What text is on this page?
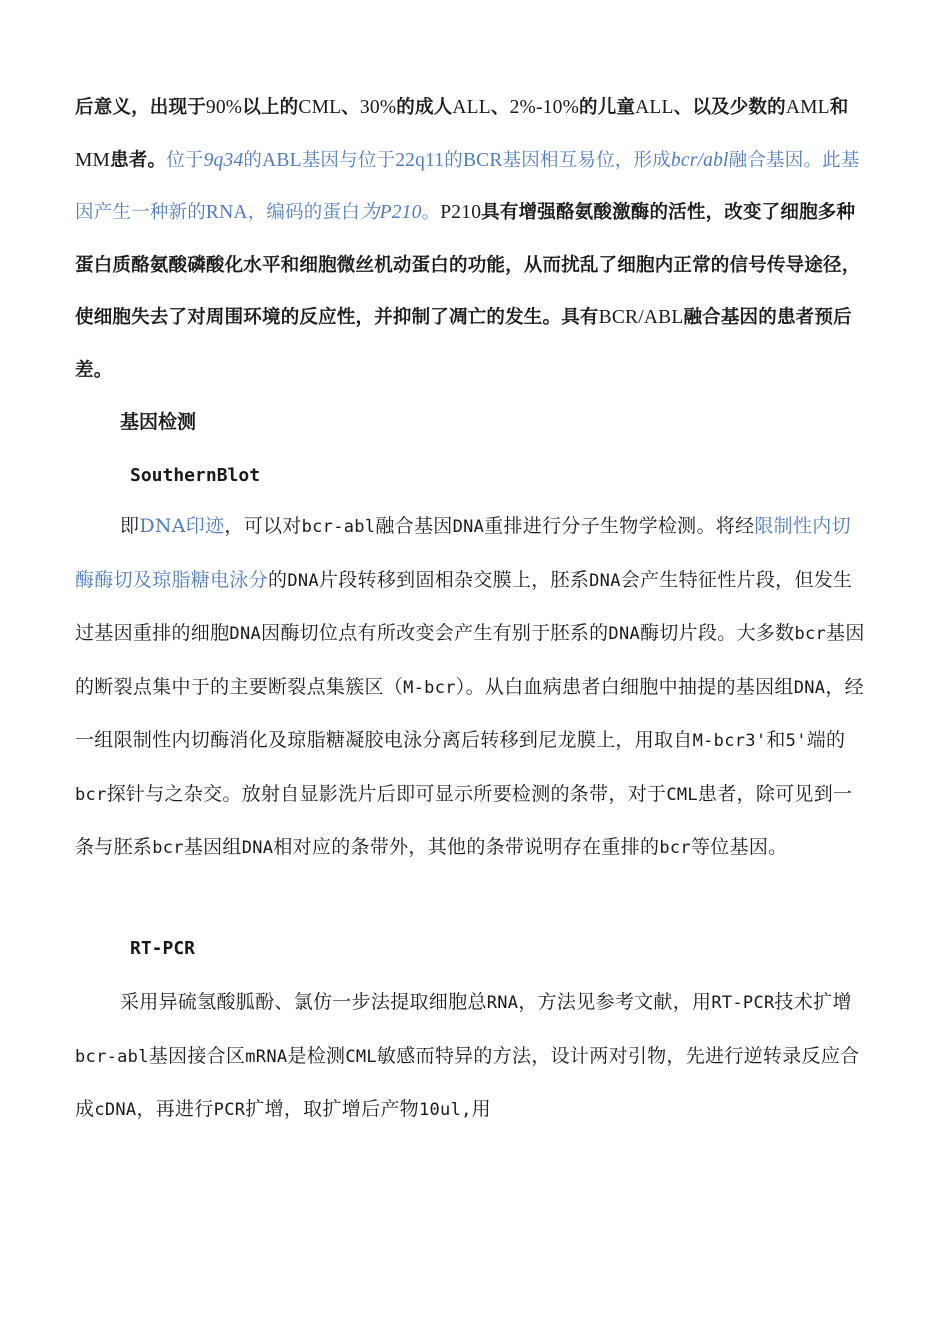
后意义，出现于90%以上的CML、30%的成人ALL、2%-10%的儿童ALL、以及少数的AML和MM患者。位于9q34的ABL基因与位于22q11的BCR基因相互易位，形成bcr/abl融合基因。此基因产生一种新的RNA，编码的蛋白为P210。P210具有增强酪氨酸激酶的活性，改变了细胞多种蛋白质酪氨酸磷酸化水平和细胞微丝机动蛋白的功能，从而扰乱了细胞内正常的信号传导途径，使细胞失去了对周围环境的反应性，并抑制了凋亡的发生。具有BCR/ABL融合基因的患者预后差。

基因检测
SouthernBlot

即DNA印迹，可以对bcr-abl融合基因DNA重排进行分子生物学检测。将经限制性内切酶酶切及琼脂糖电泳分的DNA片段转移到固相杂交膜上，胚系DNA会产生特征性片段，但发生过基因重排的细胞DNA因酶切位点有所改变会产生有别于胚系的DNA酶切片段。大多数bcr基因的断裂点集中于的主要断裂点集簇区（M-bcr）。从白血病患者白细胞中抽提的基因组DNA，经一组限制性内切酶消化及琼脂糖凝胶电泳分离后转移到尼龙膜上，用取自M-bcr3'和5'端的bcr探针与之杂交。放射自显影洗片后即可显示所要检测的条带，对于CML患者，除可见到一条与胚系bcr基因组DNA相对应的条带外，其他的条带说明存在重排的bcr等位基因。

RT-PCR

采用异硫氢酸胍酚、氯仿一步法提取细胞总RNA，方法见参考文献，用RT-PCR技术扩增bcr-abl基因接合区mRNA是检测CML敏感而特异的方法，设计两对引物，先进行逆转录反应合成cDNA，再进行PCR扩增，取扩增后产物10ul,用
